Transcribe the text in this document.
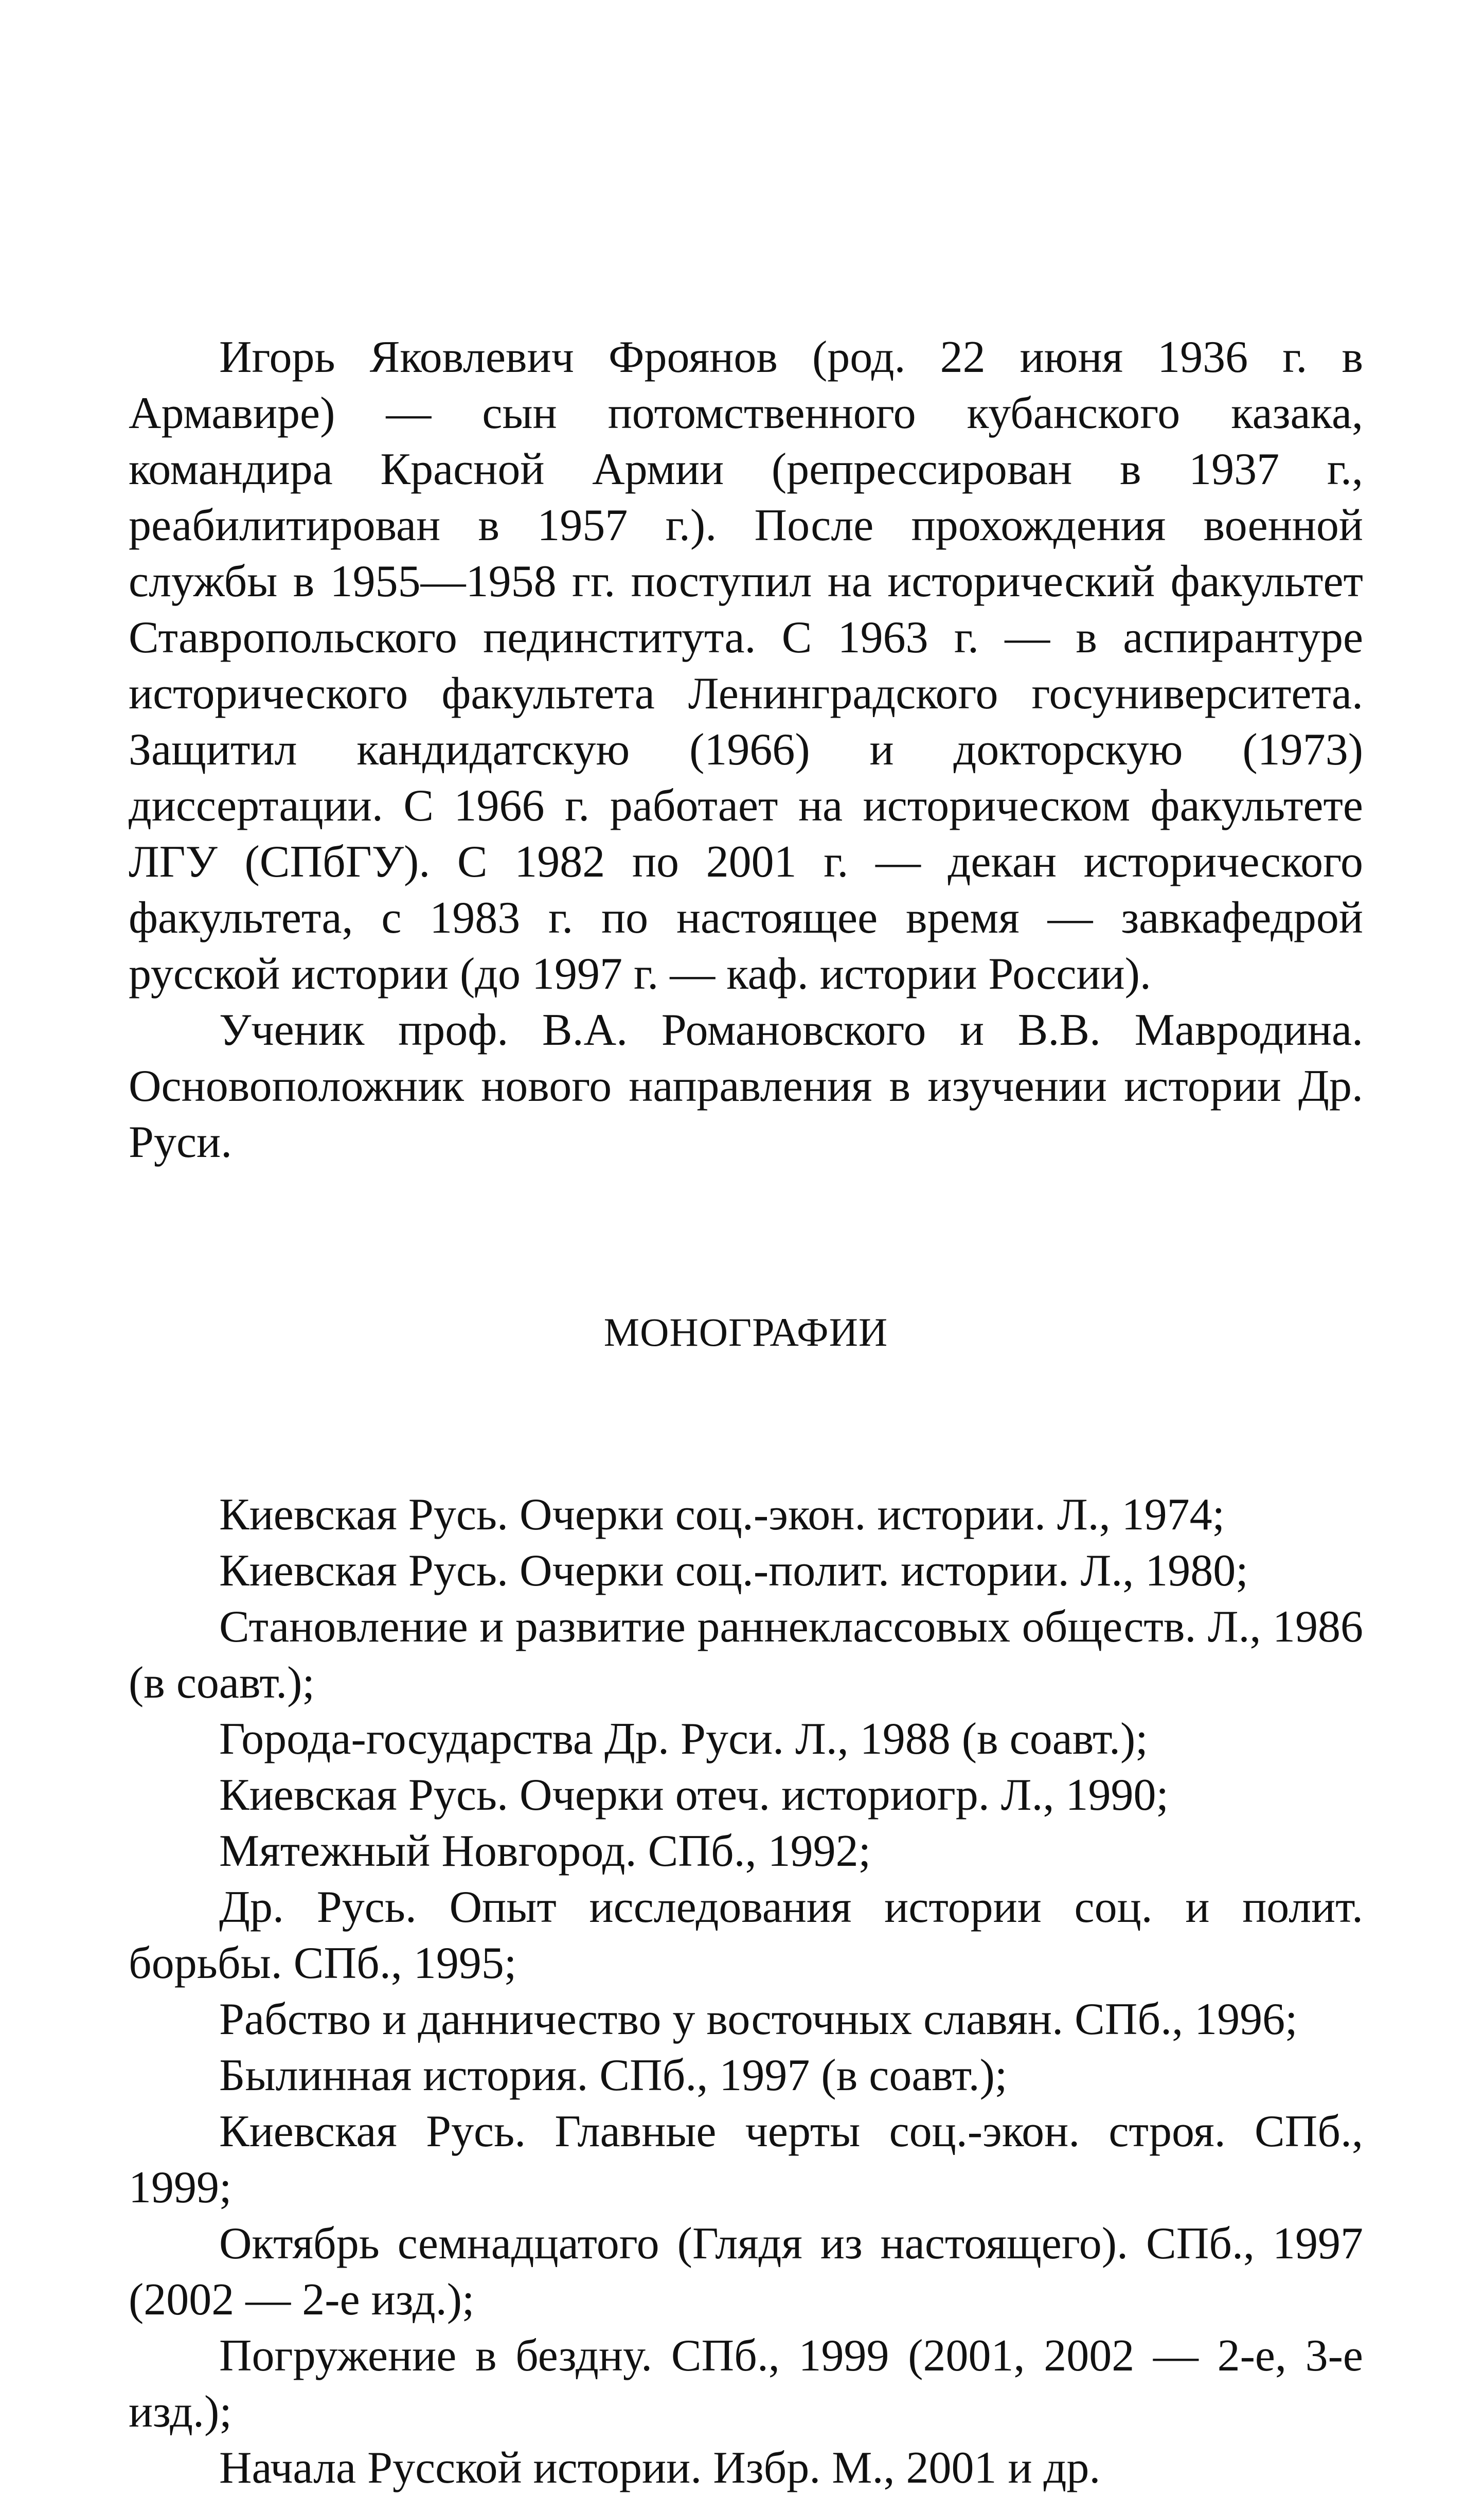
Игорь Яковлевич Фроянов (род. 22 июня 1936 г. в Армавире) — сын потомственного кубанского казака, командира Красной Армии (репрессирован в 1937 г., реабилитирован в 1957 г.). После прохождения военной службы в 1955—1958 гг. поступил на исторический факультет Ставропольского пединститута. С 1963 г. — в аспирантуре исторического факультета Ленинградского госуниверситета. Защитил кандидатскую (1966) и докторскую (1973) диссертации. С 1966 г. работает на историческом факультете ЛГУ (СПбГУ). С 1982 по 2001 г. — декан исторического факультета, с 1983 г. по настоящее время — завкафедрой русской истории (до 1997 г. — каф. истории России).

Ученик проф. В.А. Романовского и В.В. Мавродина. Основоположник нового направления в изучении истории Др. Руси.

МОНОГРАФИИ
Киевская Русь. Очерки соц.-экон. истории. Л., 1974;
Киевская Русь. Очерки соц.-полит. истории. Л., 1980;
Становление и развитие раннеклассовых обществ. Л., 1986 (в соавт.);
Города-государства Др. Руси. Л., 1988 (в соавт.);
Киевская Русь. Очерки отеч. историогр. Л., 1990;
Мятежный Новгород. СПб., 1992;
Др. Русь. Опыт исследования истории соц. и полит. борьбы. СПб., 1995;
Рабство и данничество у восточных славян. СПб., 1996;
Былинная история. СПб., 1997 (в соавт.);
Киевская Русь. Главные черты соц.-экон. строя. СПб., 1999;
Октябрь семнадцатого (Глядя из настоящего). СПб., 1997 (2002 — 2-е изд.);
Погружение в бездну. СПб., 1999 (2001, 2002 — 2-е, 3-е изд.);
Начала Русской истории. Избр. М., 2001 и др.
